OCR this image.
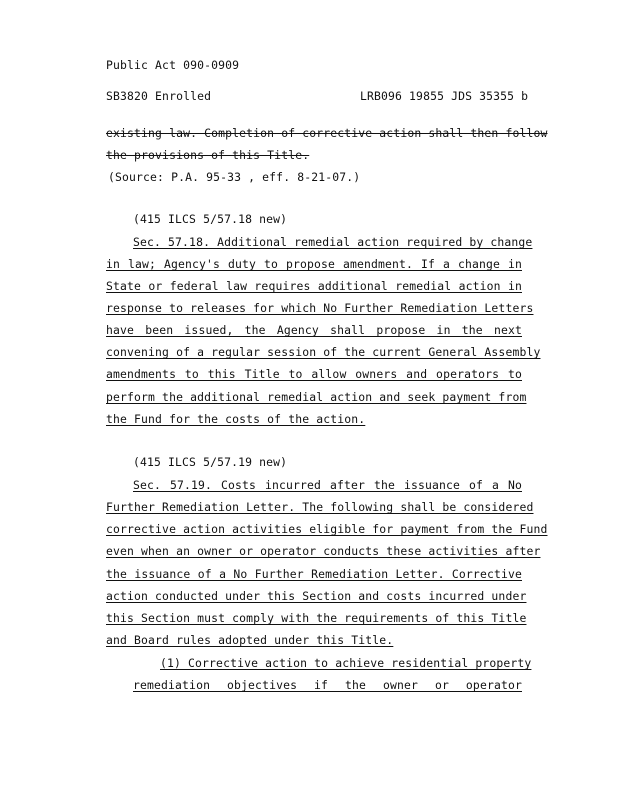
Public Act 090-0909
SB3820 Enrolled	LRB096 19855 JDS 35355 b
existing law. Completion of corrective action shall then follow
the provisions of this Title.
(Source: P.A. 95-33 , eff. 8-21-07.)
(415 ILCS 5/57.18 new)
Sec. 57.18. Additional remedial action required by change
in law; Agency's duty to propose amendment. If a change in
State or federal law requires additional remedial action in
response to releases for which No Further Remediation Letters
have been issued, the Agency shall propose in the next
convening of a regular session of the current General Assembly
amendments to this Title to allow owners and operators to
perform the additional remedial action and seek payment from
the Fund for the costs of the action.
(415 ILCS 5/57.19 new)
Sec. 57.19. Costs incurred after the issuance of a No
Further Remediation Letter. The following shall be considered
corrective action activities eligible for payment from the Fund
even when an owner or operator conducts these activities after
the issuance of a No Further Remediation Letter. Corrective
action conducted under this Section and costs incurred under
this Section must comply with the requirements of this Title
and Board rules adopted under this Title.
(1) Corrective action to achieve residential property
remediation objectives if the owner or operator
